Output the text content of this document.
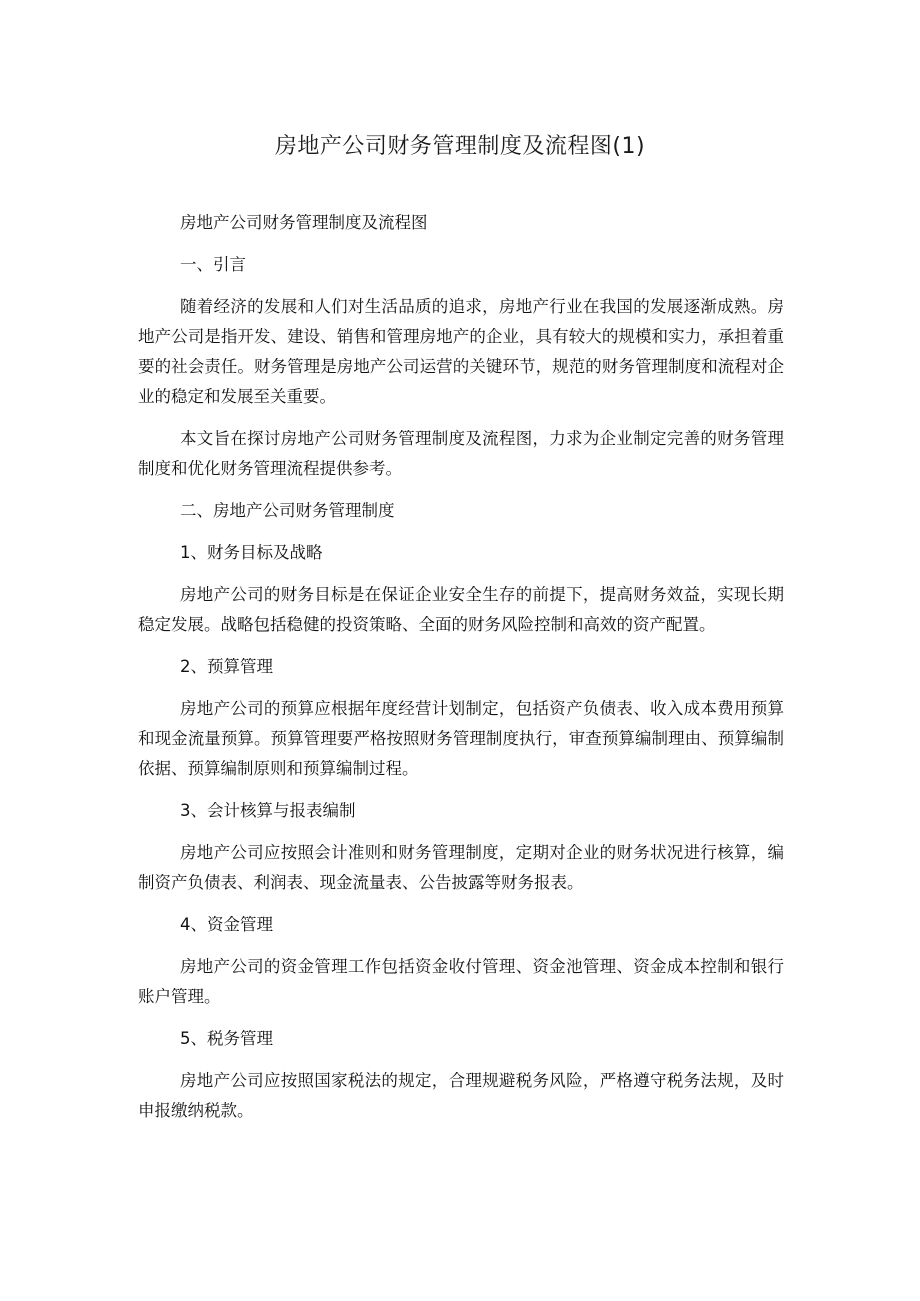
房地产公司财务管理制度及流程图(1)

房地产公司财务管理制度及流程图

一、引言

随着经济的发展和人们对生活品质的追求，房地产行业在我国的发展逐渐成熟。房地产公司是指开发、建设、销售和管理房地产的企业，具有较大的规模和实力，承担着重要的社会责任。财务管理是房地产公司运营的关键环节，规范的财务管理制度和流程对企业的稳定和发展至关重要。

本文旨在探讨房地产公司财务管理制度及流程图，力求为企业制定完善的财务管理制度和优化财务管理流程提供参考。

二、房地产公司财务管理制度

1、财务目标及战略

房地产公司的财务目标是在保证企业安全生存的前提下，提高财务效益，实现长期稳定发展。战略包括稳健的投资策略、全面的财务风险控制和高效的资产配置。

2、预算管理

房地产公司的预算应根据年度经营计划制定，包括资产负债表、收入成本费用预算和现金流量预算。预算管理要严格按照财务管理制度执行，审查预算编制理由、预算编制依据、预算编制原则和预算编制过程。

3、会计核算与报表编制

房地产公司应按照会计准则和财务管理制度，定期对企业的财务状况进行核算，编制资产负债表、利润表、现金流量表、公告披露等财务报表。

4、资金管理

房地产公司的资金管理工作包括资金收付管理、资金池管理、资金成本控制和银行账户管理。

5、税务管理

房地产公司应按照国家税法的规定，合理规避税务风险，严格遵守税务法规，及时申报缴纳税款。
